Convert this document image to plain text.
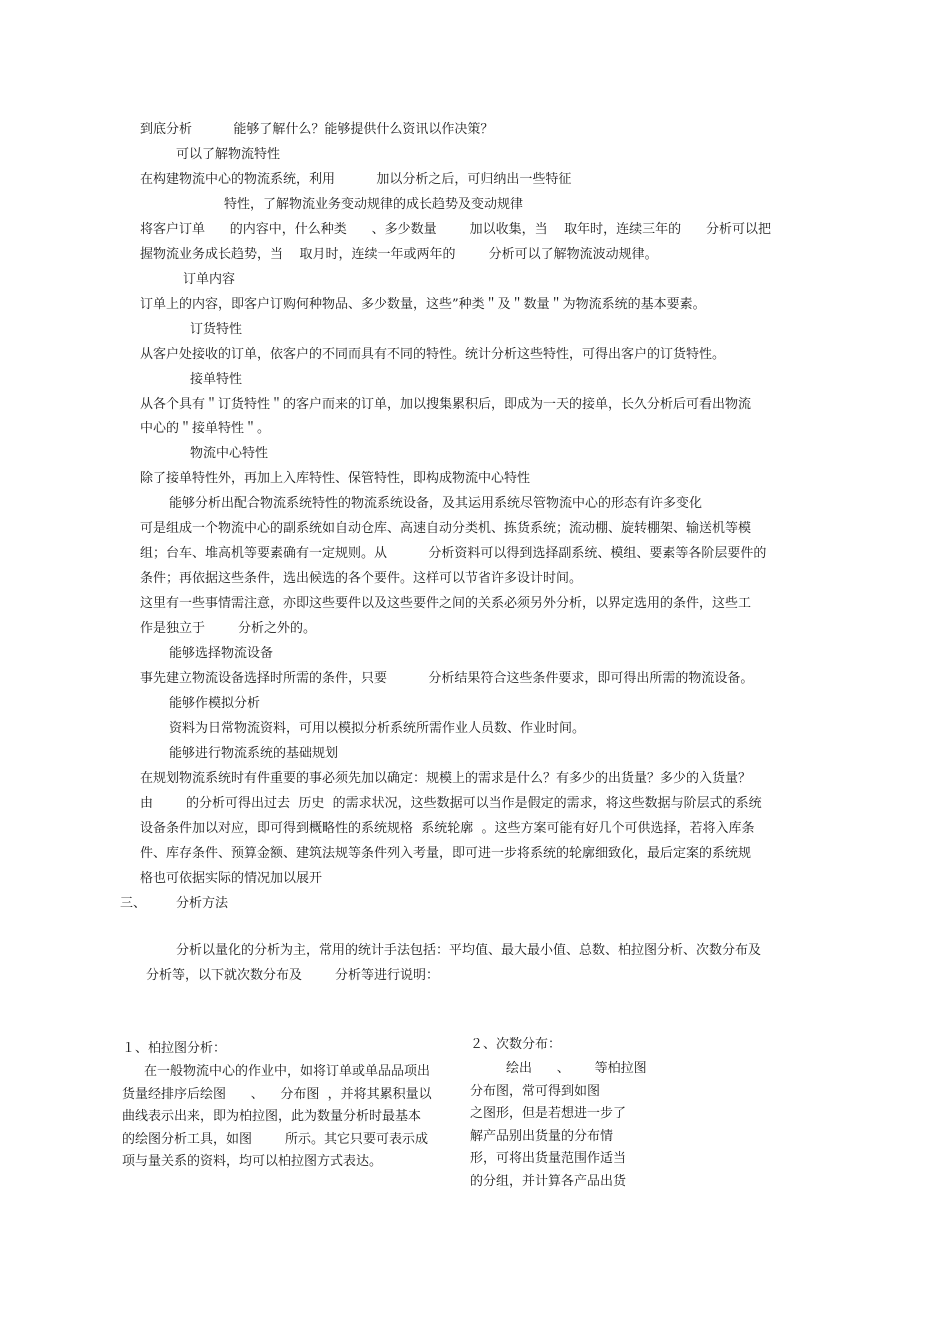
到底分析          能够了解什么？能够提供什么资讯以作决策？
可以了解物流特性
在构建物流中心的物流系统，利用          加以分析之后，可归纳出一些特征
特性，了解物流业务变动规律的成长趋势及变动规律
将客户订单      的内容中，什么种类      、多少数量        加以收集，当    取年时，连续三年的      分析可以把
握物流业务成长趋势，当    取月时，连续一年或两年的        分析可以了解物流波动规律。
订单内容
订单上的内容，即客户订购何种物品、多少数量，这些”种类＂及＂数量＂为物流系统的基本要素。
订货特性
从客户处接收的订单，依客户的不同而具有不同的特性。统计分析这些特性，可得出客户的订货特性。
接单特性
从各个具有＂订货特性＂的客户而来的订单，加以搜集累积后，即成为一天的接单，长久分析后可看出物流
中心的＂接单特性＂。
物流中心特性
除了接单特性外，再加上入库特性、保管特性，即构成物流中心特性
能够分析出配合物流系统特性的物流系统设备，及其运用系统尽管物流中心的形态有许多变化
可是组成一个物流中心的副系统如自动仓库、高速自动分类机、拣货系统；流动棚、旋转棚架、输送机等模
组；台车、堆高机等要素确有一定规则。从          分析资料可以得到选择副系统、模组、要素等各阶层要件的
条件；再依据这些条件，选出候选的各个要件。这样可以节省许多设计时间。
这里有一些事情需注意，亦即这些要件以及这些要件之间的关系必须另外分析，以界定选用的条件，这些工
作是独立于        分析之外的。
能够选择物流设备
事先建立物流设备选择时所需的条件，只要          分析结果符合这些条件要求，即可得出所需的物流设备。
能够作模拟分析
资料为日常物流资料，可用以模拟分析系统所需作业人员数、作业时间。
能够进行物流系统的基础规划
在规划物流系统时有件重要的事必须先加以确定：规模上的需求是什么？有多少的出货量？多少的入货量？
由        的分析可得出过去  历史  的需求状况，这些数据可以当作是假定的需求，将这些数据与阶层式的系统
设备条件加以对应，即可得到概略性的系统规格  系统轮廓  。这些方案可能有好几个可供选择，若将入库条
件、库存条件、预算金额、建筑法规等条件列入考量，即可进一步将系统的轮廓细致化，最后定案的系统规
格也可依据实际的情况加以展开
三、 分析方法
分析以量化的分析为主，常用的统计手法包括：平均值、最大最小值、总数、柏拉图分析、次数分布及
分析等，以下就次数分布及        分析等进行说明：
１、柏拉图分析：
在一般物流中心的作业中，如将订单或单品品项出
货量经排序后绘图      、    分布图  ，并将其累积量以
曲线表示出来，即为柏拉图，此为数量分析时最基本
的绘图分析工具，如图        所示。其它只要可表示成
项与量关系的资料，均可以柏拉图方式表达。
２、次数分布：
绘出      、      等柏拉图
分布图，常可得到如图
之图形，但是若想进一步了
解产品别出货量的分布情
形，可将出货量范围作适当
的分组，并计算各产品出货
